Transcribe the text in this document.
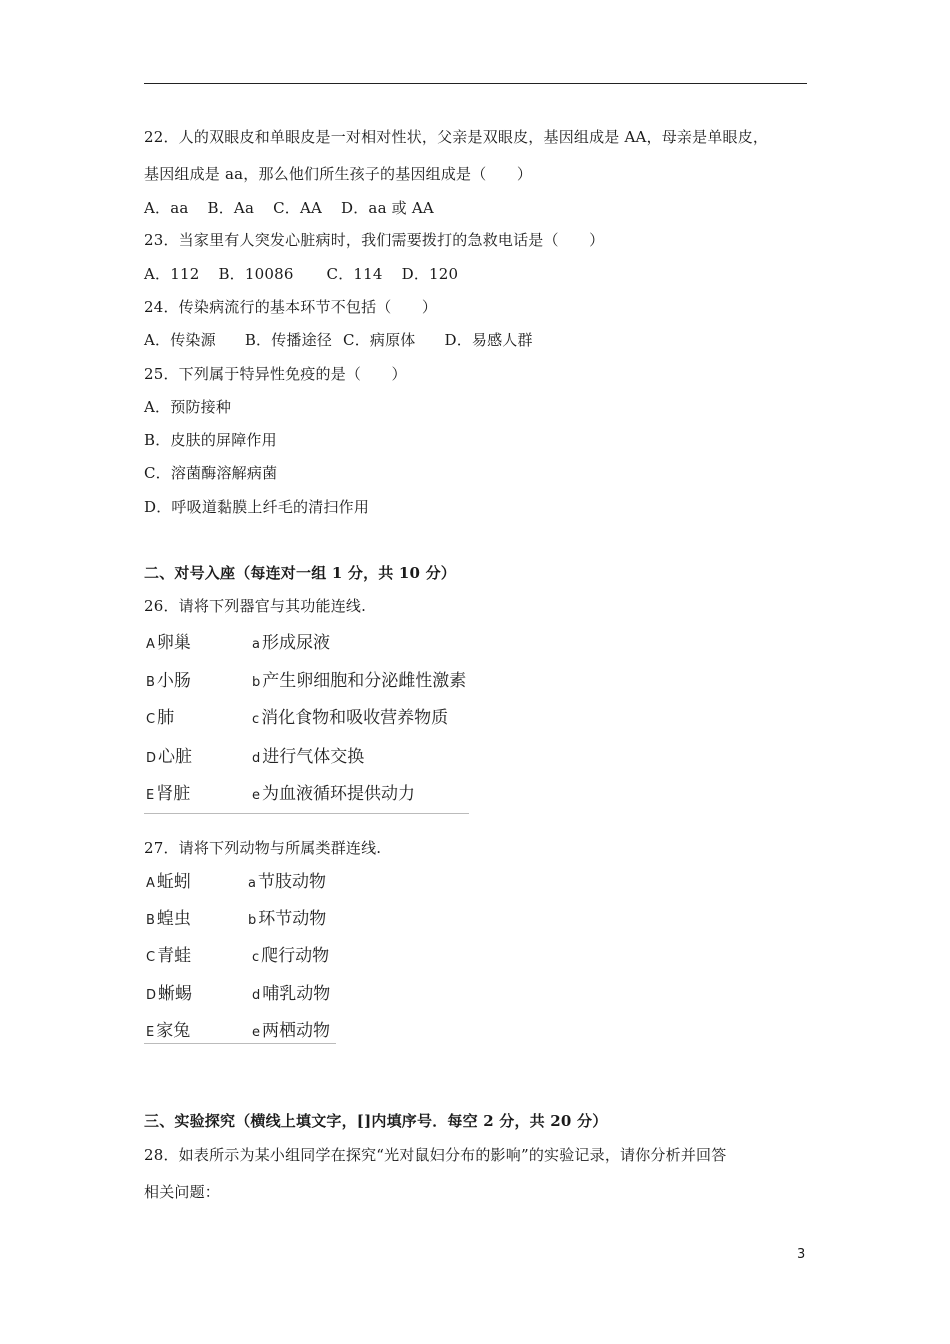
22．人的双眼皮和单眼皮是一对相对性状，父亲是双眼皮，基因组成是 AA，母亲是单眼皮，
基因组成是 aa，那么他们所生孩子的基因组成是（　　）
A．aa B．Aa C．AA D．aa 或 AA
23．当家里有人突发心脏病时，我们需要拨打的急救电话是（　　）
A．112 B．10086 C．114 D．120
24．传染病流行的基本环节不包括（　　）
A．传染源 B．传播途径 C．病原体 D．易感人群
25．下列属于特异性免疫的是（　　）
A．预防接种
B．皮肤的屏障作用
C．溶菌酶溶解病菌
D．呼吸道黏膜上纤毛的清扫作用
二、对号入座（每连对一组 1 分，共 10 分）
26．请将下列器官与其功能连线.
A 卵巢	a 形成尿液
B 小肠	b 产生卵细胞和分泌雌性激素
C 肺	c 消化食物和吸收营养物质
D 心脏	d 进行气体交换
E 肾脏	e 为血液循环提供动力
27．请将下列动物与所属类群连线.
A 蚯蚓	a 节肢动物
B 蝗虫	b 环节动物
C 青蛙	c 爬行动物
D 蜥蜴	d 哺乳动物
E 家兔	e 两栖动物
三、实验探究（横线上填文字，[]内填序号．每空 2 分，共 20 分）
28．如表所示为某小组同学在探究“光对鼠妇分布的影响”的实验记录，请你分析并回答
相关问题：
3
